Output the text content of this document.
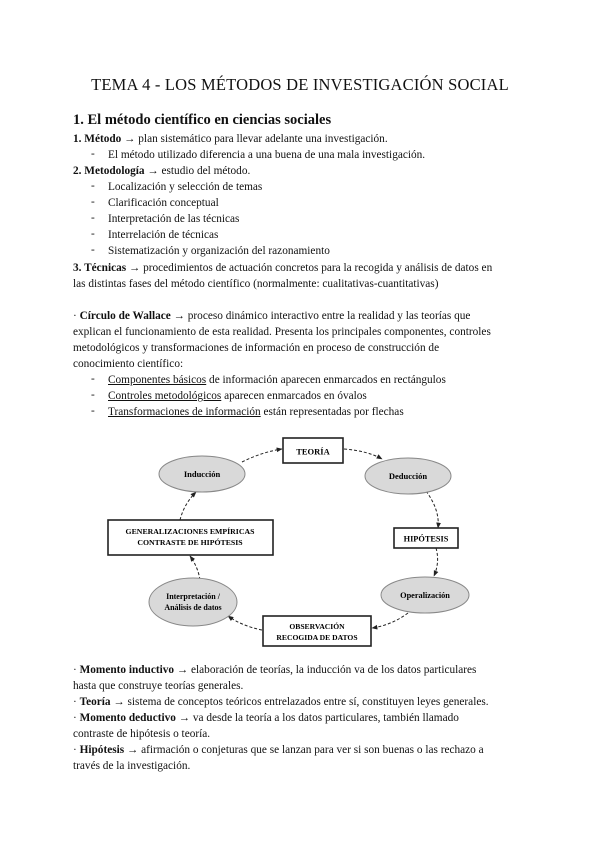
TEMA 4 - LOS MÉTODOS DE INVESTIGACIÓN SOCIAL
1. El método científico en ciencias sociales
1. Método → plan sistemático para llevar adelante una investigación.
- El método utilizado diferencia a una buena de una mala investigación.
2. Metodología → estudio del método.
- Localización y selección de temas
- Clarificación conceptual
- Interpretación de las técnicas
- Interrelación de técnicas
- Sistematización y organización del razonamiento
3. Técnicas → procedimientos de actuación concretos para la recogida y análisis de datos en
las distintas fases del método científico (normalmente: cualitativas-cuantitativas)
· Círculo de Wallace → proceso dinámico interactivo entre la realidad y las teorías que
explican el funcionamiento de esta realidad. Presenta los principales componentes, controles
metodológicos y transformaciones de información en proceso de construcción de
conocimiento científico:
- Componentes básicos de información aparecen enmarcados en rectángulos
- Controles metodológicos aparecen enmarcados en óvalos
- Transformaciones de información están representadas por flechas
TEORÍA
Inducción	Deducción
GENERALIZACIONES EMPÍRICAS
CONTRASTE DE HIPÓTESIS	HIPÓTESIS
Interpretación /
Análisis de datos
Operalización
OBSERVACIÓN
RECOGIDA DE DATOS
· Momento inductivo → elaboración de teorías, la inducción va de los datos particulares
hasta que construye teorías generales.
· Teoría → sistema de conceptos teóricos entrelazados entre sí, constituyen leyes generales.
· Momento deductivo → va desde la teoría a los datos particulares, también llamado
contraste de hipótesis o teoría.
· Hipótesis → afirmación o conjeturas que se lanzan para ver si son buenas o las rechazo a
través de la investigación.
